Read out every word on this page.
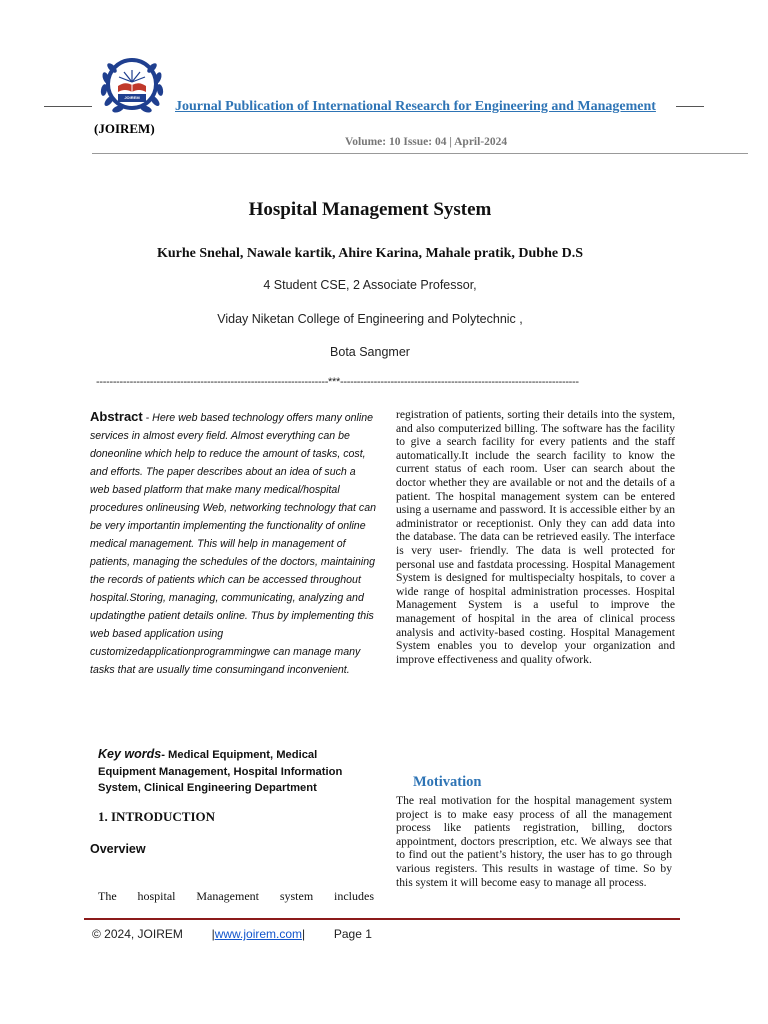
JOIREM
Journal Publication of International Research for Engineering and Management
(JOIREM)
Volume: 10 Issue: 04 | April-2024
Hospital Management System
Kurhe Snehal, Nawale kartik, Ahire Karina, Mahale pratik, Dubhe D.S
4 Student CSE, 2 Associate Professor,
Viday Niketan College of Engineering and Polytechnic ,
Bota Sangmer
---------------------------------------------------------------------***-----------------------------------------------------------------------
Abstract - Here web based technology offers many online services in almost every field. Almost everything can be doneonline which help to reduce the amount of tasks, cost, and efforts. The paper describes about an idea of such a web based platform that make many medical/hospital procedures onlineusing Web, networking technology that can be very importantin implementing the functionality of online medical management. This will help in management of patients, managing the schedules of the doctors, maintaining the records of patients which can be accessed throughout hospital.Storing, managing, communicating, analyzing and updatingthe patient details online. Thus by implementing this web based application using customizedapplicationprogrammingwe can manage many tasks that are usually time consumingand inconvenient.
Key words- Medical Equipment, Medical Equipment Management, Hospital Information System, Clinical Engineering Department
1. INTRODUCTION
Overview
The hospital Management system includes
registration of patients, sorting their details into the system, and also computerized billing. The software has the facility to give a search facility for every patients and the staff automatically.It include the search facility to know the current status of each room. User can search about the doctor whether they are available or not and the details of a patient. The hospital management system can be entered using a username and password. It is accessible either by an administrator or receptionist. Only they can add data into the database. The data can be retrieved easily. The interface is very user- friendly. The data is well protected for personal use and fastdata processing. Hospital Management System is designed for multispecialty hospitals, to cover a wide range of hospital administration processes. Hospital Management System is a useful to improve the management of hospital in the area of clinical process analysis and activity-based costing. Hospital Management System enables you to develop your organization and improve effectiveness and quality ofwork.
Motivation
The real motivation for the hospital management system project is to make easy process of all the management process like patients registration, billing, doctors appointment, doctors prescription, etc. We always see that to find out the patient’s history, the user has to go through various registers. This results in wastage of time. So by this system it will become easy to manage all process.
© 2024, JOIREM |www.joirem.com| Page 1
